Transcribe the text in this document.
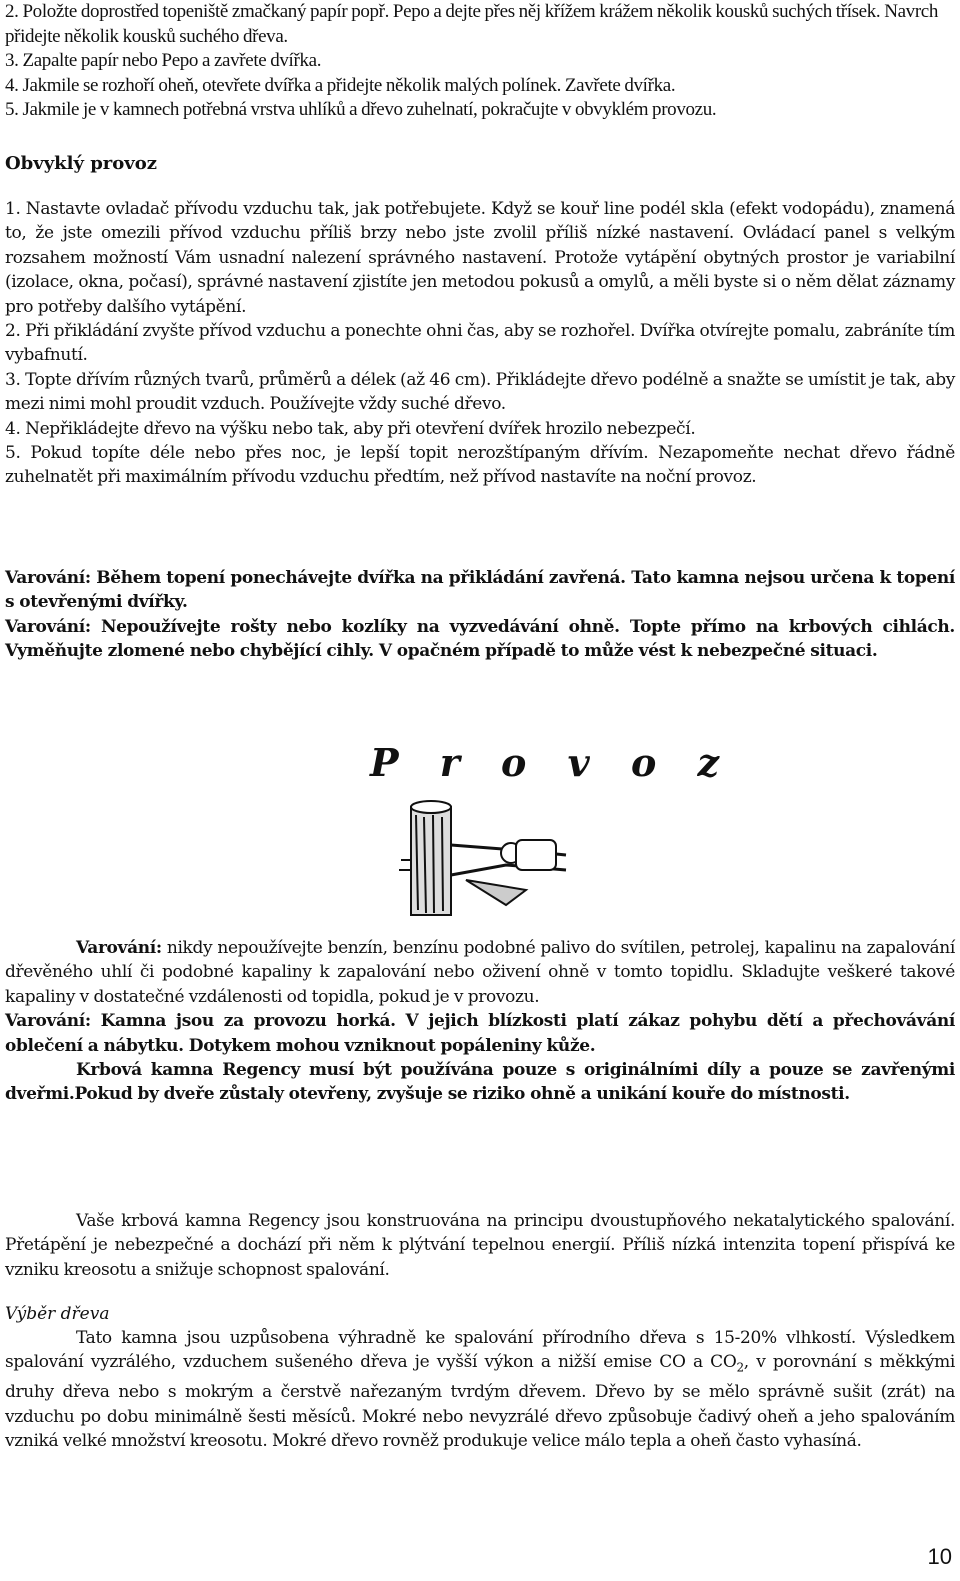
2. Položte doprostřed topeniště zmačkaný papír popř. Pepo a dejte přes něj křížem krážem několik kousků suchých třísek. Navrch přidejte několik kousků suchého dřeva.

3. Zapalte papír nebo Pepo a zavřete dvířka.

4. Jakmile se rozhoří oheň, otevřete dvířka a přidejte několik malých polínek. Zavřete dvířka.

5. Jakmile je v kamnech potřebná vrstva uhlíků a dřevo zuhelnatí, pokračujte v obvyklém provozu.

Obvyklý provoz

1. Nastavte ovladač přívodu vzduchu tak, jak potřebujete. Když se kouř line podél skla (efekt vodopádu), znamená to, že jste omezili přívod vzduchu příliš brzy nebo jste zvolil příliš nízké nastavení. Ovládací panel s velkým rozsahem možností Vám usnadní nalezení správného nastavení. Protože vytápění obytných prostor je variabilní (izolace, okna, počasí), správné nastavení zjistíte jen metodou pokusů a omylů, a měli byste si o něm dělat záznamy pro potřeby dalšího vytápění.

2. Při přikládání zvyšte přívod vzduchu a ponechte ohni čas, aby se rozhořel. Dvířka otvírejte pomalu, zabráníte tím vybafnutí.

3. Topte dřívím různých tvarů, průměrů a délek (až 46 cm). Přikládejte dřevo podélně a snažte se umístit je tak, aby mezi nimi mohl proudit vzduch. Používejte vždy suché dřevo.

4. Nepřikládejte dřevo na výšku nebo tak, aby při otevření dvířek hrozilo nebezpečí.

5. Pokud topíte déle nebo přes noc, je lepší topit nerozštípaným dřívím. Nezapomeňte nechat dřevo řádně zuhelnatět při maximálním přívodu vzduchu předtím, než přívod nastavíte na noční provoz.

Varování: Během topení ponechávejte dvířka na přikládání zavřená. Tato kamna nejsou určena k topení s otevřenými dvířky.

Varování: Nepoužívejte rošty nebo kozlíky na vyzvedávání ohně. Topte přímo na krbových cihlách. Vyměňujte zlomené nebo chybějící cihly. V opačném případě to může vést k nebezpečné situaci.

P r o v o z

Varování: nikdy nepoužívejte benzín, benzínu podobné palivo do svítilen, petrolej, kapalinu na zapalování dřevěného uhlí či podobné kapaliny k zapalování nebo oživení ohně v tomto topidlu. Skladujte veškeré takové kapaliny v dostatečné vzdálenosti od topidla, pokud je v provozu.

Varování: Kamna jsou za provozu horká. V jejich blízkosti platí zákaz pohybu dětí a přechovávání oblečení a nábytku. Dotykem mohou vzniknout popáleniny kůže.

Krbová kamna Regency musí být používána pouze s originálními díly a pouze se zavřenými dveřmi.Pokud by dveře zůstaly otevřeny, zvyšuje se riziko ohně a unikání kouře do místnosti.

Vaše krbová kamna Regency jsou konstruována na principu dvoustupňového nekatalytického spalování. Přetápění je nebezpečné a dochází při něm k plýtvání tepelnou energií. Příliš nízká intenzita topení přispívá ke vzniku kreosotu a snižuje schopnost spalování.

Výběr dřeva

Tato kamna jsou uzpůsobena výhradně ke spalování přírodního dřeva s 15-20% vlhkostí. Výsledkem spalování vyzrálého, vzduchem sušeného dřeva je vyšší výkon a nižší emise CO a $CO_2$, v porovnání s měkkými druhy dřeva nebo s mokrým a čerstvě nařezaným tvrdým dřevem. Dřevo by se mělo správně sušit (zrát) na vzduchu po dobu minimálně šesti měsíců. Mokré nebo nevyzrálé dřevo způsobuje čadivý oheň a jeho spalováním vzniká velké množství kreosotu. Mokré dřevo rovněž produkuje velice málo tepla a oheň často vyhasíná.

10
